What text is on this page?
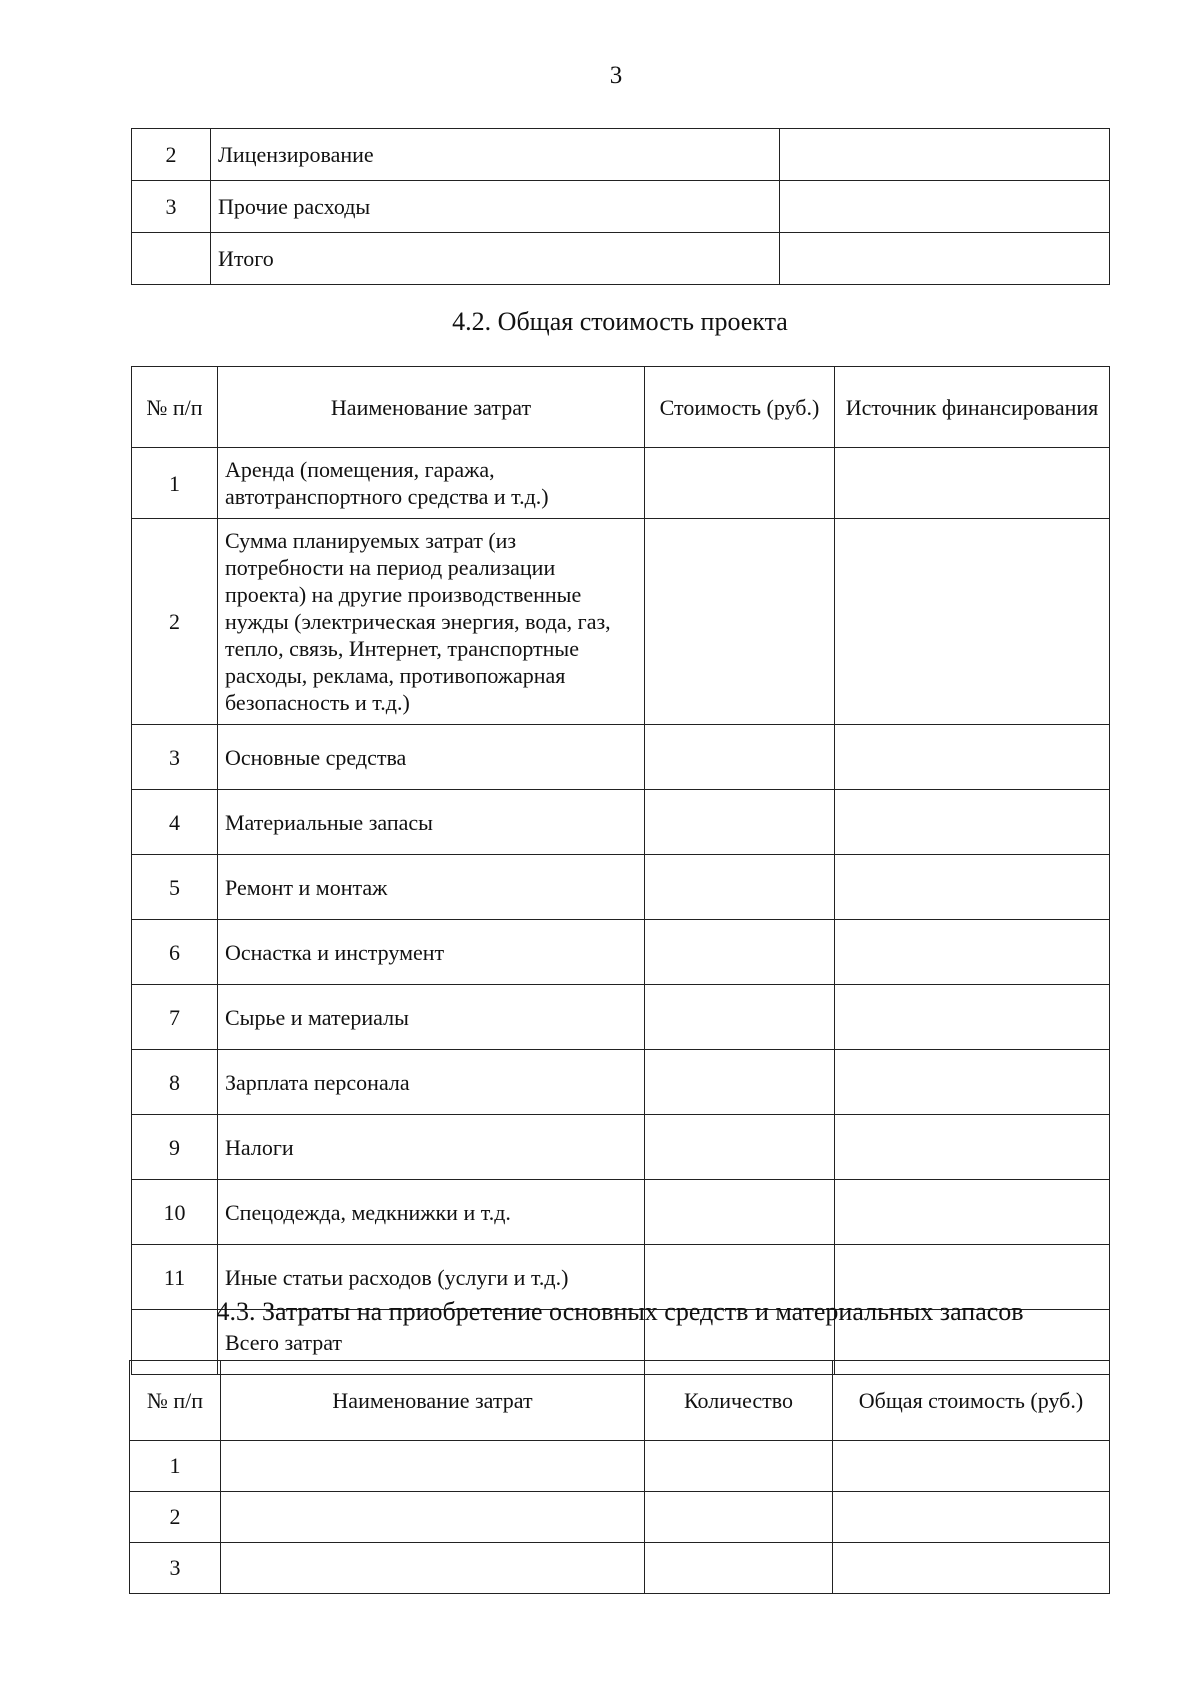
3
2	Лицензирование	
3	Прочие расходы	
	Итого	
4.2. Общая стоимость проекта
№ п/п	Наименование затрат	Стоимость (руб.)	Источник финансирования
1	Аренда (помещения, гаража, автотранспортного средства и т.д.)		
2	Сумма планируемых затрат (из потребности на период реализации проекта) на другие производственные нужды (электрическая энергия, вода, газ, тепло, связь, Интернет, транспортные расходы, реклама, противопожарная безопасность и т.д.)		
3	Основные средства		
4	Материальные запасы		
5	Ремонт и монтаж		
6	Оснастка и инструмент		
7	Сырье и материалы		
8	Зарплата персонала		
9	Налоги		
10	Спецодежда, медкнижки и т.д.		
11	Иные статьи расходов (услуги и т.д.)		
	Всего затрат		
4.3. Затраты на приобретение основных средств и материальных запасов
№ п/п	Наименование затрат	Количество	Общая стоимость (руб.)
1			
2			
3			
